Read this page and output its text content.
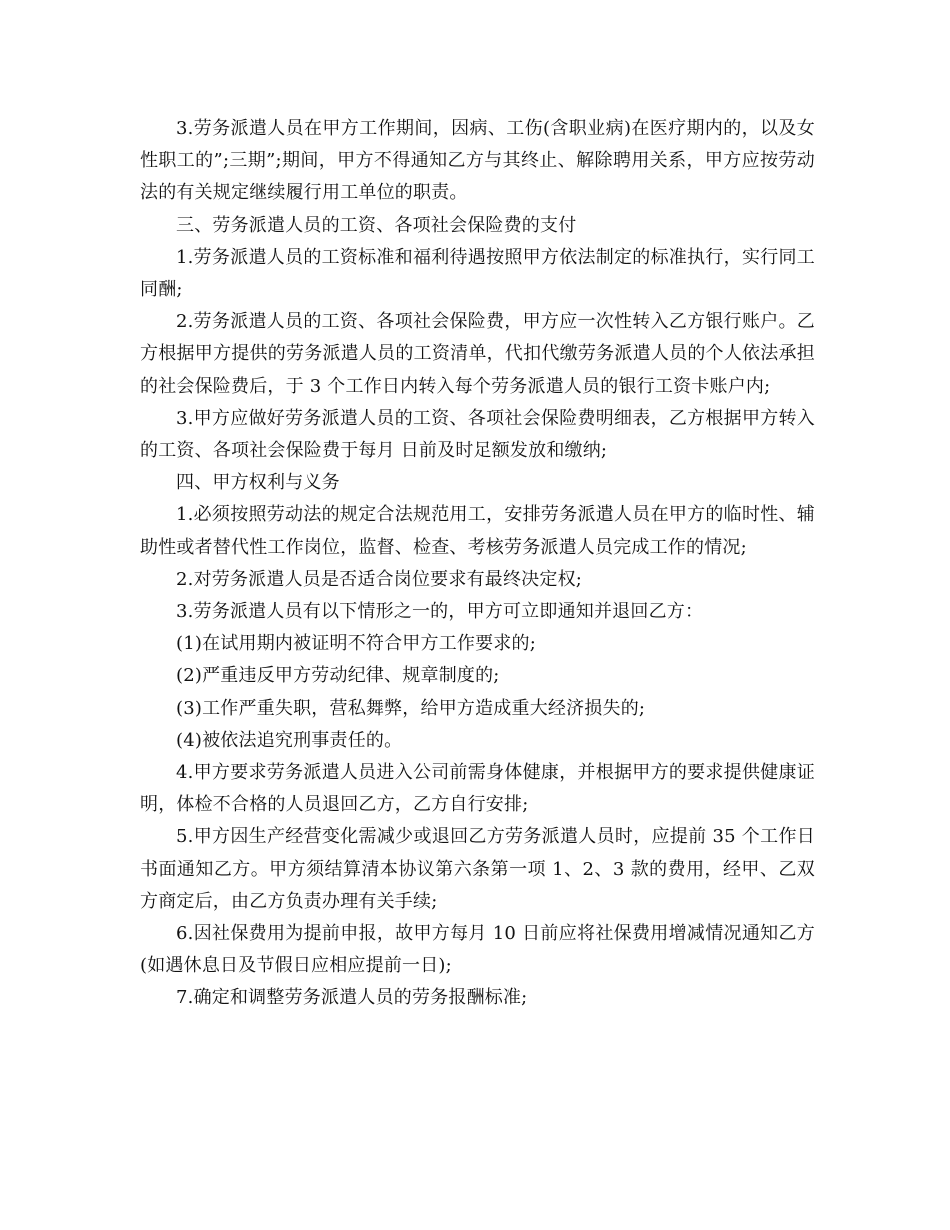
3.劳务派遣人员在甲方工作期间，因病、工伤(含职业病)在医疗期内的，以及女性职工的”;三期”;期间，甲方不得通知乙方与其终止、解除聘用关系，甲方应按劳动法的有关规定继续履行用工单位的职责。

三、劳务派遣人员的工资、各项社会保险费的支付

1.劳务派遣人员的工资标准和福利待遇按照甲方依法制定的标准执行，实行同工同酬;

2.劳务派遣人员的工资、各项社会保险费，甲方应一次性转入乙方银行账户。乙方根据甲方提供的劳务派遣人员的工资清单，代扣代缴劳务派遣人员的个人依法承担的社会保险费后，于 3 个工作日内转入每个劳务派遣人员的银行工资卡账户内;

3.甲方应做好劳务派遣人员的工资、各项社会保险费明细表，乙方根据甲方转入的工资、各项社会保险费于每月 日前及时足额发放和缴纳;

四、甲方权利与义务

1.必须按照劳动法的规定合法规范用工，安排劳务派遣人员在甲方的临时性、辅助性或者替代性工作岗位，监督、检查、考核劳务派遣人员完成工作的情况;

2.对劳务派遣人员是否适合岗位要求有最终决定权;

3.劳务派遣人员有以下情形之一的，甲方可立即通知并退回乙方：

(1)在试用期内被证明不符合甲方工作要求的;

(2)严重违反甲方劳动纪律、规章制度的;

(3)工作严重失职，营私舞弊，给甲方造成重大经济损失的;

(4)被依法追究刑事责任的。

4.甲方要求劳务派遣人员进入公司前需身体健康，并根据甲方的要求提供健康证明，体检不合格的人员退回乙方，乙方自行安排;

5.甲方因生产经营变化需减少或退回乙方劳务派遣人员时，应提前 35 个工作日书面通知乙方。甲方须结算清本协议第六条第一项 1、2、3 款的费用，经甲、乙双方商定后，由乙方负责办理有关手续;

6.因社保费用为提前申报，故甲方每月 10 日前应将社保费用增减情况通知乙方(如遇休息日及节假日应相应提前一日);

7.确定和调整劳务派遣人员的劳务报酬标准;
